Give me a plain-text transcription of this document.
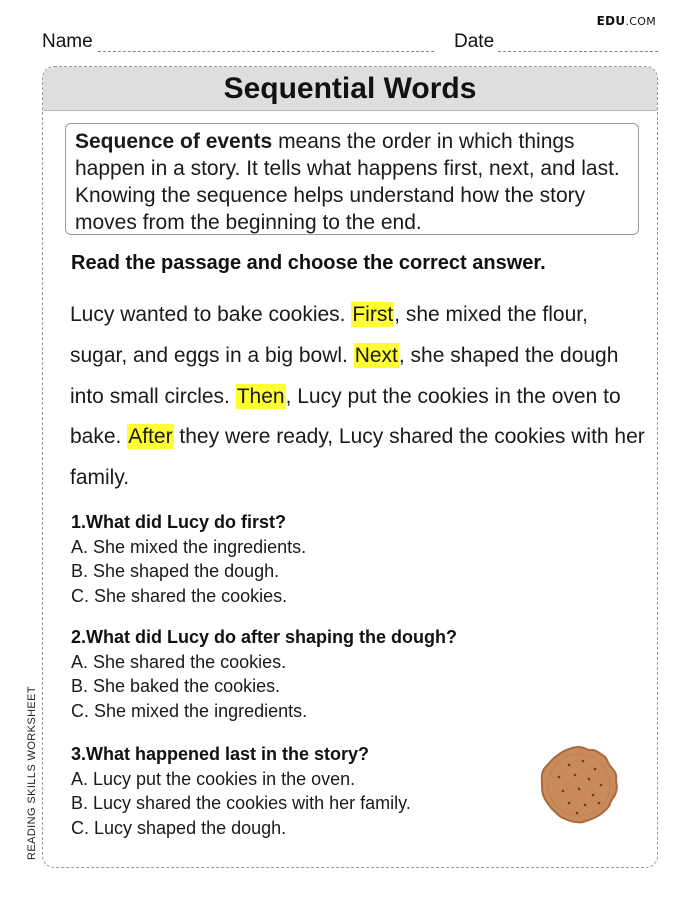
EDU.COM
Name	Date
READING SKILLS WORKSHEET
Sequential Words
Sequence of events means the order in which things happen in a story. It tells what happens first, next, and last. Knowing the sequence helps understand how the story moves from the beginning to the end.
Read the passage and choose the correct answer.

Lucy wanted to bake cookies. First, she mixed the flour, sugar, and eggs in a big bowl. Next, she shaped the dough into small circles. Then, Lucy put the cookies in the oven to bake. After they were ready, Lucy shared the cookies with her family.

1.What did Lucy do first?
A. She mixed the ingredients.
B. She shaped the dough.
C. She shared the cookies.
2.What did Lucy do after shaping the dough?
A. She shared the cookies.
B. She baked the cookies.
C. She mixed the ingredients.
3.What happened last in the story?
A. Lucy put the cookies in the oven.
B. Lucy shared the cookies with her family.
C. Lucy shaped the dough.
